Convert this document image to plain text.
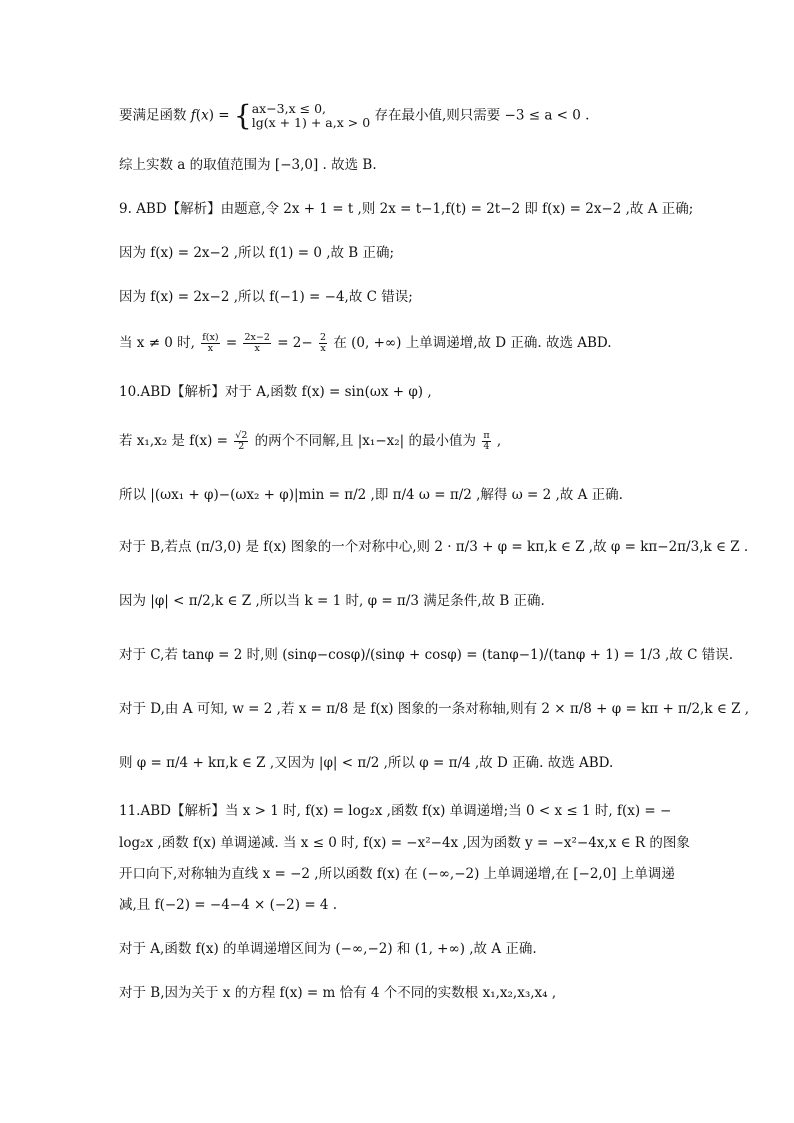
要满足函数 f(x) = { ax−3,x ≤ 0,
lg(x + 1) + a,x > 0 存在最小值,则只需要 −3 ≤ a < 0 .
综上实数 a 的取值范围为 [−3,0] . 故选 B.
9. ABD【解析】由题意,令 2x + 1 = t ,则 2x = t−1,f(t) = 2t−2 即 f(x) = 2x−2 ,故 A 正确;
因为 f(x) = 2x−2 ,所以 f(1) = 0 ,故 B 正确;
因为 f(x) = 2x−2 ,所以 f(−1) = −4,故 C 错误;
当 x ≠ 0 时, $\frac{f(x)}{x} = \frac{2x-2}{x} = 2- \frac{2}{x}$ 在 (0, +∞) 上单调递增,故 D 正确. 故选 ABD.
10.ABD【解析】对于 A,函数 f(x) = sin(ωx + φ) ,
若 x₁,x₂ 是 $f(x) = \frac{√2}{2}$ 的两个不同解,且 |x₁−x₂| 的最小值为 $\frac{\pi}{4}$ ,
所以 |(ωx₁ + φ)−(ωx₂ + φ)|min = π/2 ,即 π/4 ω = π/2 ,解得 ω = 2 ,故 A 正确.
对于 B,若点 (π/3,0) 是 f(x) 图象的一个对称中心,则 2 · π/3 + φ = kπ,k ∈ Z ,故 φ = kπ−2π/3,k ∈ Z .
因为 |φ| < π/2,k ∈ Z ,所以当 k = 1 时, φ = π/3 满足条件,故 B 正确.
对于 C,若 tanφ = 2 时,则 (sinφ−cosφ)/(sinφ + cosφ) = (tanφ−1)/(tanφ + 1) = 1/3 ,故 C 错误.
对于 D,由 A 可知, w = 2 ,若 x = π/8 是 f(x) 图象的一条对称轴,则有 2 × π/8 + φ = kπ + π/2,k ∈ Z ,
则 φ = π/4 + kπ,k ∈ Z ,又因为 |φ| < π/2 ,所以 φ = π/4 ,故 D 正确. 故选 ABD.
11.ABD【解析】当 x > 1 时, f(x) = log₂x ,函数 f(x) 单调递增;当 0 < x ≤ 1 时, f(x) = −
log₂x ,函数 f(x) 单调递减. 当 x ≤ 0 时, f(x) = −x²−4x ,因为函数 y = −x²−4x,x ∈ R 的图象
开口向下,对称轴为直线 x = −2 ,所以函数 f(x) 在 (−∞,−2) 上单调递增,在 [−2,0] 上单调递
减,且 f(−2) = −4−4 × (−2) = 4 .
对于 A,函数 f(x) 的单调递增区间为 (−∞,−2) 和 (1, +∞) ,故 A 正确.
对于 B,因为关于 x 的方程 f(x) = m 恰有 4 个不同的实数根 x₁,x₂,x₃,x₄ ,
